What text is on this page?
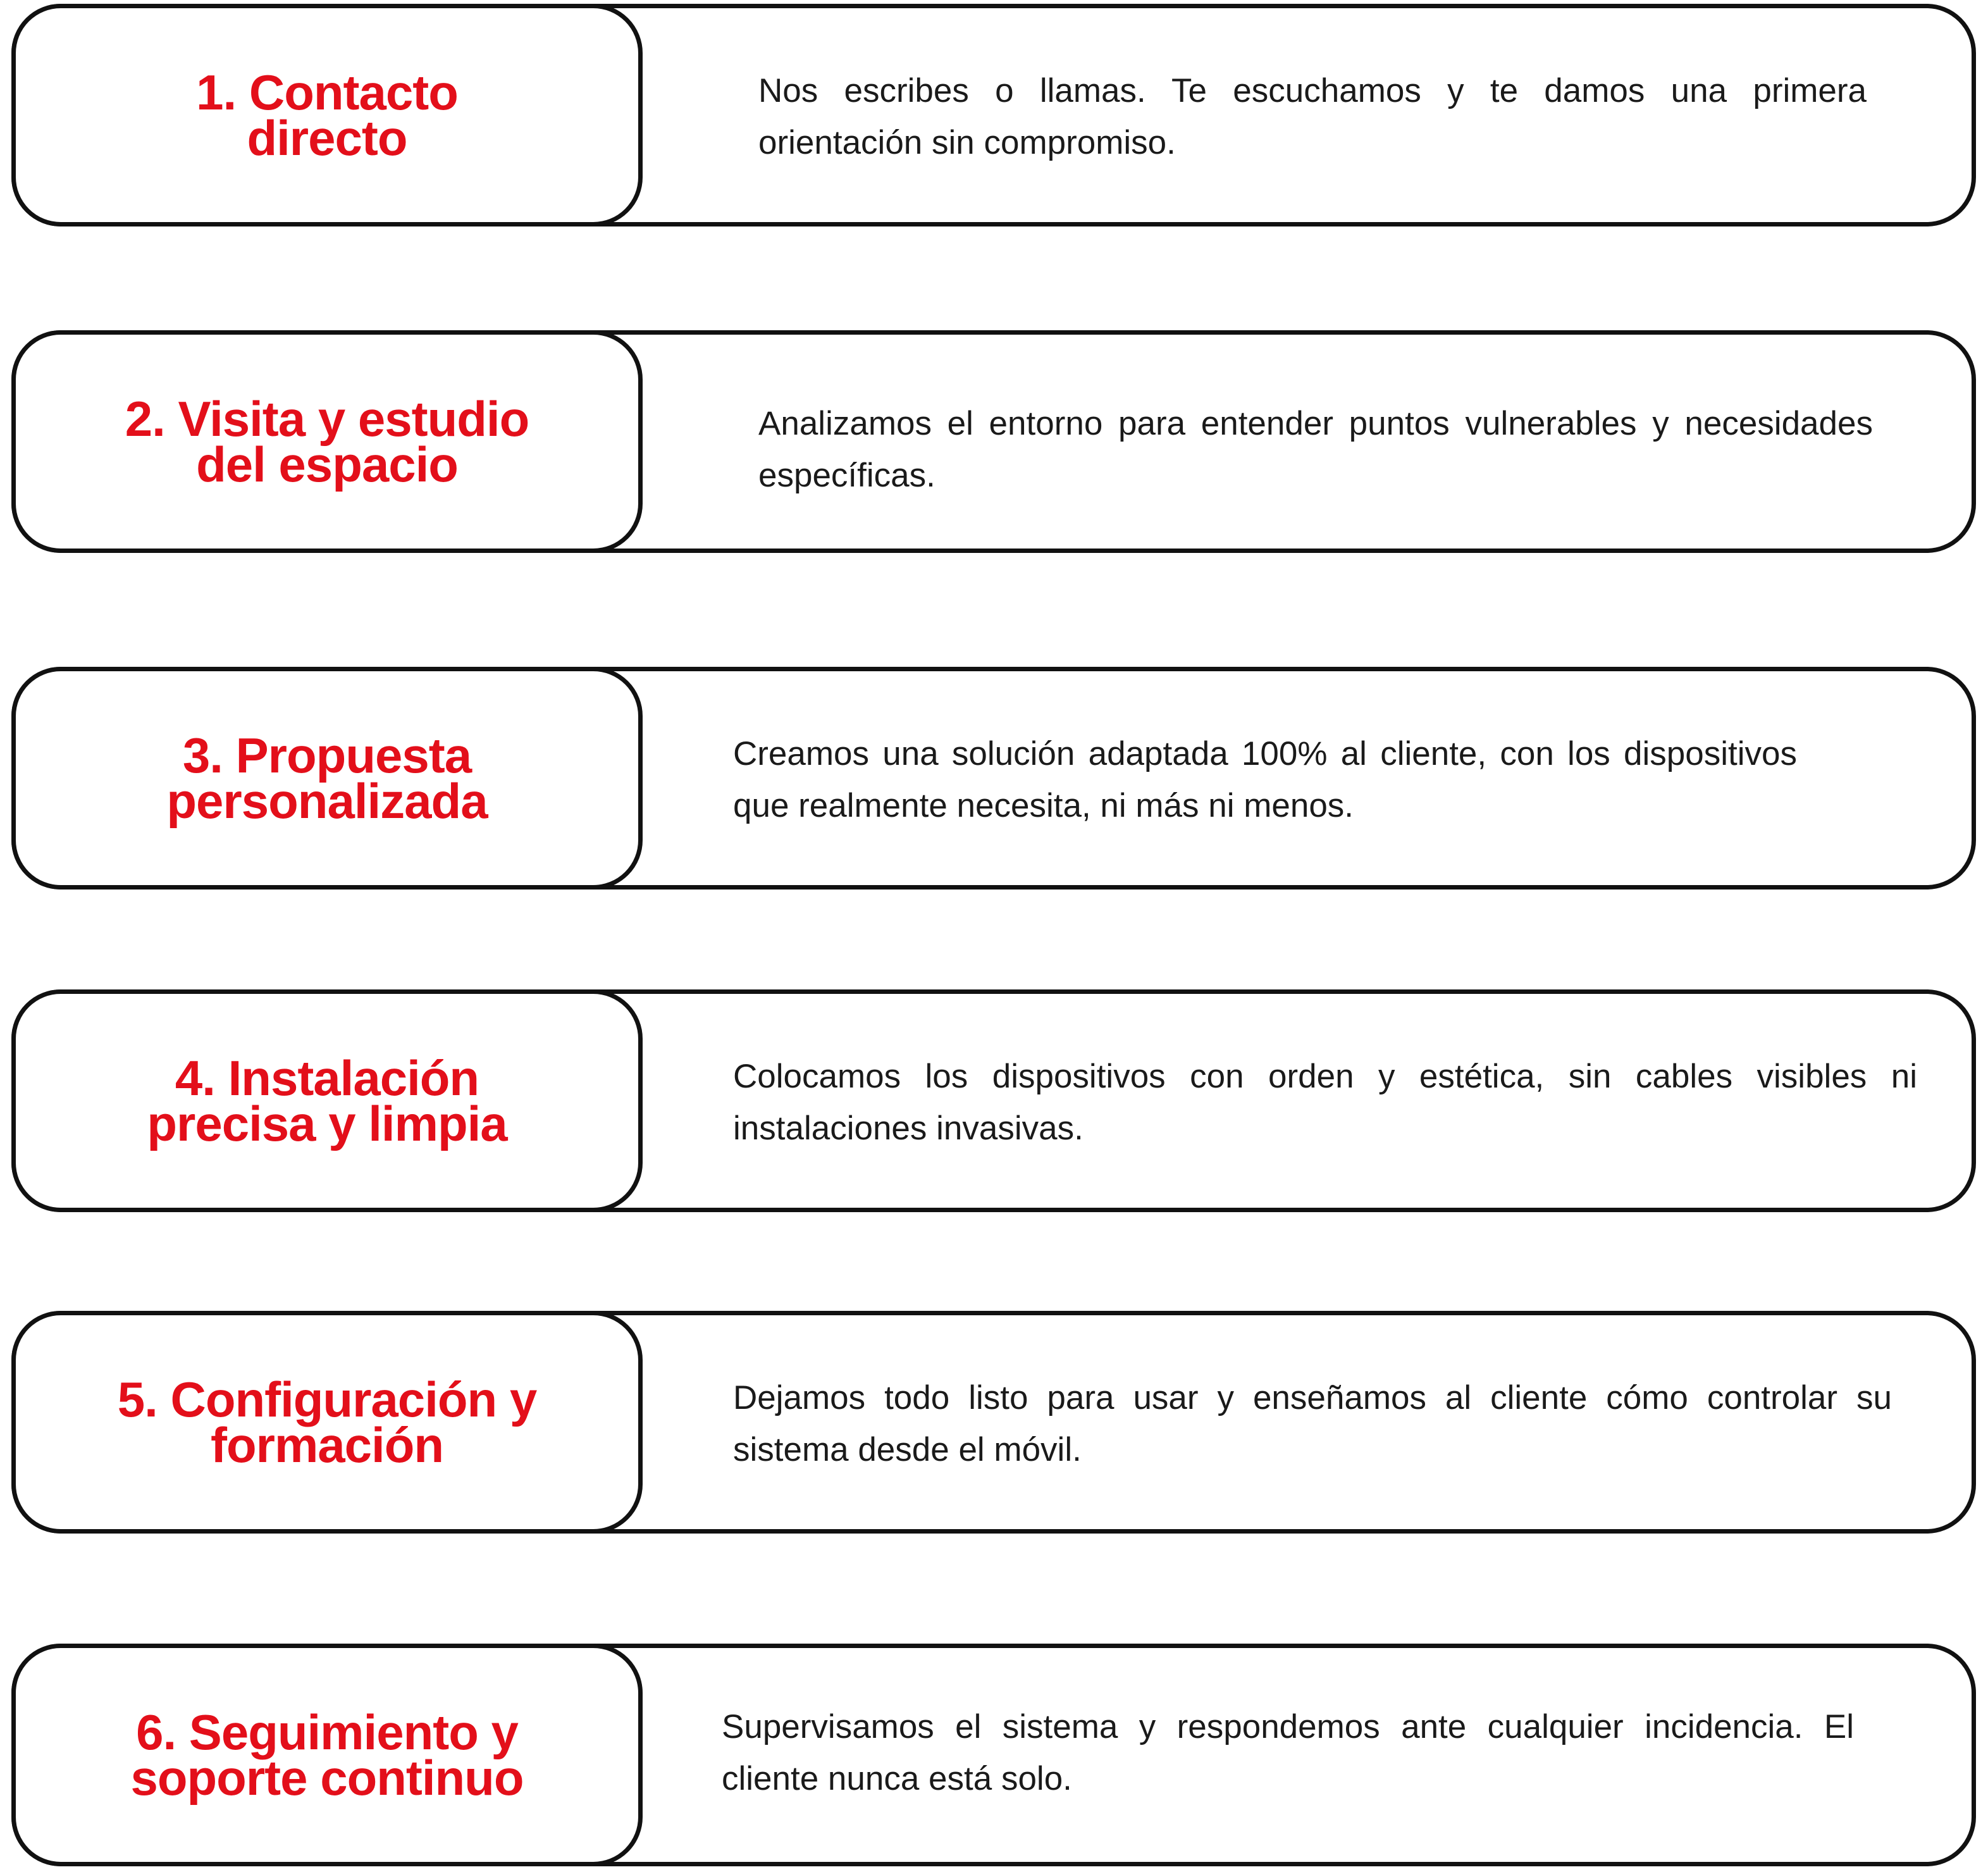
1. Contacto
directo
Nos escribes o llamas. Te escuchamos y te damos una primera orientación sin compromiso.
2. Visita y estudio
del espacio
Analizamos el entorno para entender puntos vulnerables y necesidades específicas.
3. Propuesta
personalizada
Creamos una solución adaptada 100% al cliente, con los dispositivos que realmente necesita, ni más ni menos.
4. Instalación
precisa y limpia
Colocamos los dispositivos con orden y estética, sin cables visibles ni instalaciones invasivas.
5. Configuración y
formación
Dejamos todo listo para usar y enseñamos al cliente cómo controlar su sistema desde el móvil.
6. Seguimiento y
soporte continuo
Supervisamos el sistema y respondemos ante cualquier incidencia. El cliente nunca está solo.
